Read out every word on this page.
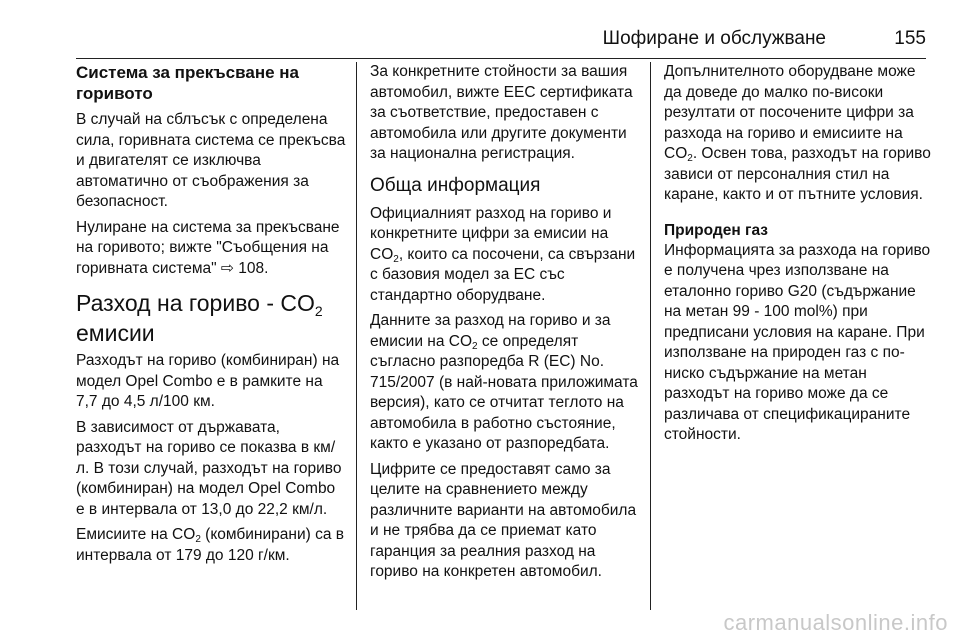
Шофиране и обслужване	155
Система за прекъсване на горивото

В случай на сблъсък с определена сила, горивната система се прекъсва и двигателят се изключва автоматично от съображения за безопасност.

Нулиране на система за прекъсване на горивото; вижте "Съобщения на горивната система" ⇨ 108.

Разход на гориво - $CO_2$
емисии

Разходът на гориво (комбиниран) на модел Opel Combo е в рамките на 7,7 до 4,5 л/100 км.

В зависимост от държавата, разходът на гориво се показва в км/л. В този случай, разходът на гориво (комбиниран) на модел Opel Combo е в интервала от 13,0 до 22,2 км/л.

Емисиите на $CO_2$ (комбинирани) са в интервала от 179 до 120 г/км.

За конкретните стойности за вашия автомобил, вижте ЕЕС сертификата за съответствие, предоставен с автомобила или другите документи за национална регистрация.

Обща информация

Официалният разход на гориво и конкретните цифри за емисии на $CO_2$, които са посочени, са свързани с базовия модел за ЕС със стандартно оборудване.

Данните за разход на гориво и за емисии на $CO_2$ се определят съгласно разпоредба R (EC) No. 715/2007 (в най-новата приложимата версия), като се отчитат теглото на автомобила в работно състояние, както е указано от разпоредбата.

Цифрите се предоставят само за целите на сравнението между различните варианти на автомобила и не трябва да се приемат като гаранция за реалния разход на гориво на конкретен автомобил.

Допълнителното оборудване може да доведе до малко по-високи резултати от посочените цифри за разхода на гориво и емисиите на $CO_2$. Освен това, разходът на гориво зависи от персоналния стил на каране, както и от пътните условия.

Природен газ

Информацията за разхода на гориво е получена чрез използване на еталонно гориво G20 (съдържание на метан 99 - 100 mol%) при предписани условия на каране. При използване на природен газ с по-ниско съдържание на метан разходът на гориво може да се различава от спецификацираните стойности.

carmanualsonline.info
